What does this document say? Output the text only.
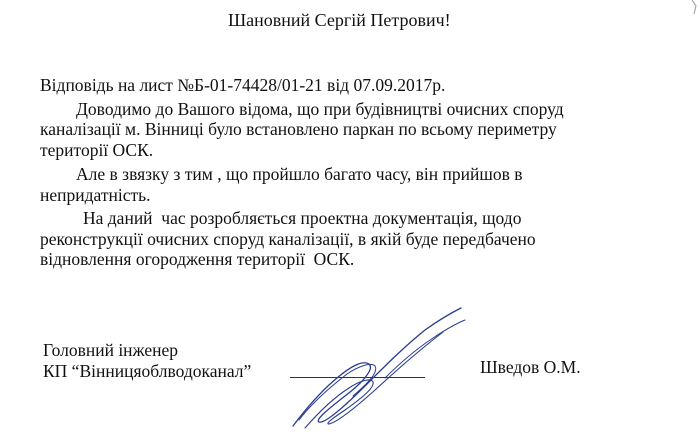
Шановний Сергій Петрович!
Відповідь на лист №Б-01-74428/01-21 від 07.09.2017р.
Доводимо до Вашого відома, що при будівництві очисних споруд
каналізації м. Вінниці було встановлено паркан по всьому периметру
території ОСК.
Але в звязку з тим , що пройшло багато часу, він прийшов в
непридатність.
На даний  час розробляється проектна документація, щодо
реконструкції очисних споруд каналізації, в якій буде передбачено
відновлення огородження території  ОСК.
Головний інженер
КП “Вінницяоблводоканал”	Шведов О.М.
